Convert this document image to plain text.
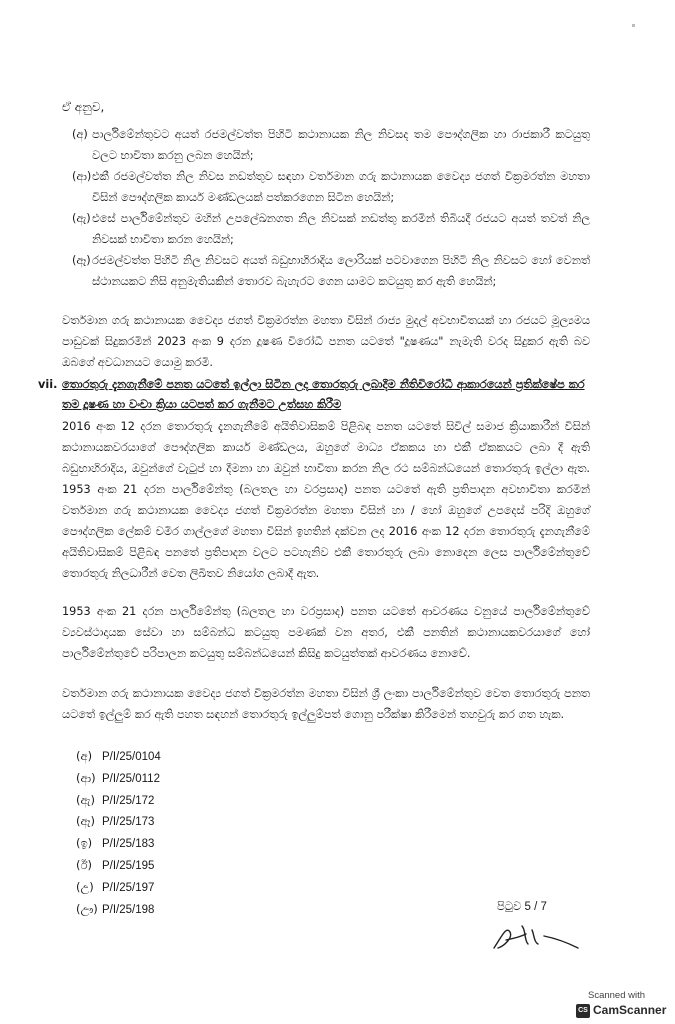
ඒ අනුව,
(අ) පාර්ලිමේන්තුවට අයත් රජමල්වත්ත පිහිටි කථානායක නිල නිවසද තම පෞද්ගලික හා රාජකාරී කටයුතු වලට භාවිතා කරනු ලබන හෙයින්;
(ආ) එකී රජමල්වත්ත නිල නිවස නඩත්තුව සඳහා වර්තමාන ගරු කථානායක වෛද්‍ය ජගත් වික්‍රමරත්න මහතා විසින් පෞද්ගලික කාර්ය මණ්ඩලයක් පත්කරගෙන සිටින හෙයින්;
(ඇ) එසේ පාර්ලිමේන්තුව මහින් උපලේඛනගත නිල නිවසක් නඩත්තු කරමින් තිබියදී රජයට අයත් තවත් නිල නිවසක් භාවිතා කරන හෙයින්;
(ඈ) රජමල්වත්ත පිහිටි නිල නිවසට අයත් බඩුභාහිරාදිය ලොරියක් පටවාගෙන පිහිටි නිල නිවසට හෝ වෙනත් ස්ථානයකට නිසි අනුමැතියකින් තොරව බැහැරට ගෙන යාමට කටයුතු කර ඇති හෙයින්;
වර්තමාන ගරු කථානායක වෛද්‍ය ජගත් වික්‍රමරත්න මහතා විසින් රාජ්‍ය මුදල් අවභාවිතයක් හා රජයට මූල්‍යමය පාඩුවක් සිදුකරමින් 2023 අංක 9 දරන දූෂණ විරෝධී පනත යටතේ "දූෂණය" නැමැති වරද සිදුකර ඇති බව ඔබගේ අවධානයට යොමු කරමි.
vii. තොරතුරු දැනගැනීමේ පනත යටතේ ඉල්ලා සිටින ලද තොරතුරු ලබාදීම නීතිවිරෝධී ආකාරයෙන් ප්‍රතික්ෂේප කර තම දූෂණ හා වංචා ක්‍රියා යටපත් කර ගැනීමට උත්සහ කිරීම
2016 අංක 12 දරන තොරතුරු දැනගැනීමේ අයිතිවාසිකම් පිළිබඳ පනත යටතේ සිවිල් සමාජ ක්‍රියාකාරීන් විසින් කථානායකවරයාගේ පෞද්ගලික කාර්ය මණ්ඩලය, ඔහුගේ මාධ්‍ය ඒකකය හා එකී ඒකකයට ලබා දී ඇති බඩුභාහිරාදිය, ඔවුන්ගේ වැටුප් හා දීමනා හා ඔවුන් භාවිතා කරන නිල රථ සම්බන්ධයෙන් තොරතුරු ඉල්ලා ඇත. 1953 අංක 21 දරන පාර්ලිමේන්තු (බලතල හා වරප්‍රසාද) පනත යටතේ ඇති ප්‍රතිපාදන අවභාවිතා කරමින් වර්තමාන ගරු කථානායක වෛද්‍ය ජගත් වික්‍රමරත්න මහතා විසින් හා / හෝ ඔහුගේ උපදෙස් පරිදි ඔහුගේ පෞද්ගලික ලේකම් චමිර ගාල්ලගේ මහතා විසින් ඉහතින් දක්වන ලද 2016 අංක 12 දරන තොරතුරු දැනගැනීමේ අයිතිවාසිකම් පිළිබඳ පනතේ ප්‍රතිපාදන වලට පටහැනිව එකී තොරතුරු ලබා නොදෙන ලෙස පාර්ලිමේන්තුවේ තොරතුරු නිලධාරීන් වෙත ලිඛිතව නියෝග ලබාදී ඇත.
1953 අංක 21 දරන පාර්ලිමේන්තු (බලතල හා වරප්‍රසාද) පනත යටතේ ආවරණය වනුයේ පාර්ලිමේන්තුවේ ව්‍යවස්ථාදායක සේවා හා සම්බන්ධ කටයුතු පමණක් වන අතර, එකී පනතින් කථානායකවරයාගේ හෝ පාර්ලිමේන්තුවේ පරිපාලන කටයුතු සම්බන්ධයෙන් කිසිදු කටයුත්තක් ආවරණය නොවේ.
වර්තමාන ගරු කථානායක වෛද්‍ය ජගත් වික්‍රමරත්න මහතා විසින් ශ්‍රී ලංකා පාර්ලිමේන්තුව වෙත තොරතුරු පනත යටතේ ඉල්ලුම් කර ඇති පහත සඳහන් තොරතුරු ඉල්ලුම්පත් ගොනු පරීක්ෂා කිරීමෙන් තහවුරු කර ගත හැක.
(අ) P/I/25/0104
(ආ) P/I/25/0112
(ඇ) P/I/25/172
(ඈ) P/I/25/173
(ඉ) P/I/25/183
(ඊ) P/I/25/195
(උ) P/I/25/197
(ඌ) P/I/25/198	පිටුව 5 / 7
Scanned with
CS CamScanner
